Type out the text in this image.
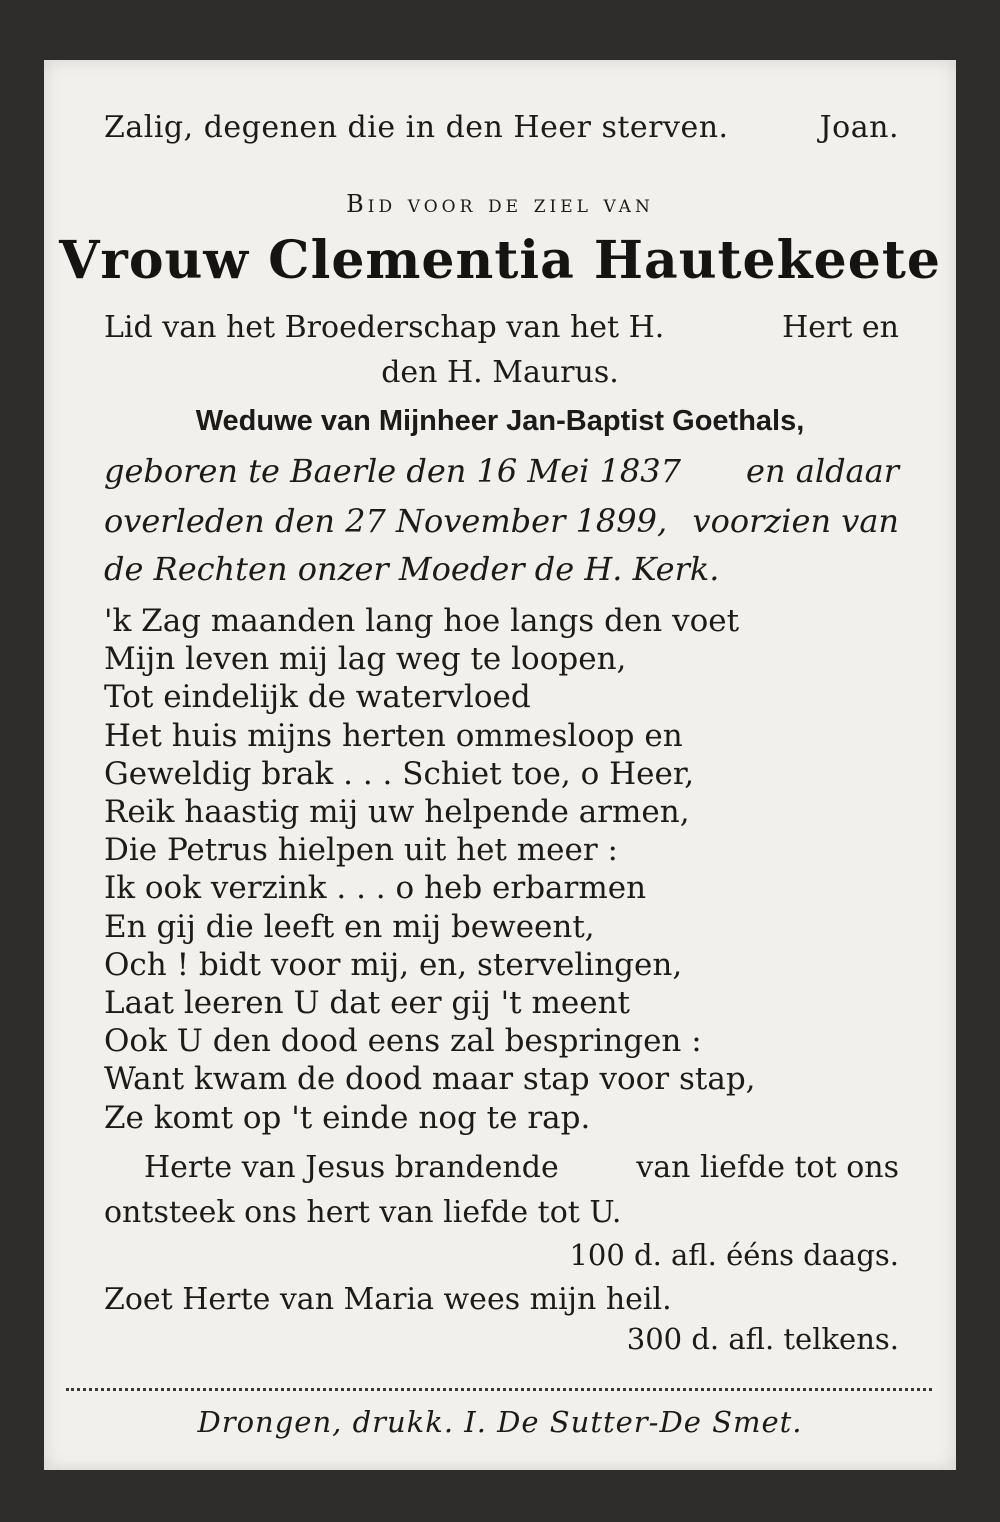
Zalig, degenen die in den Heer sterven.	Joan.
Bid voor de ziel van
Vrouw Clementia Hautekeete
Lid van het Broederschap van het H.	Hert en
den H. Maurus.
Weduwe van Mijnheer Jan-Baptist Goethals,
geboren te Baerle den 16 Mei 1837 en aldaar
overleden den 27 November 1899, voorzien van
de Rechten onzer Moeder de H. Kerk.
'k Zag maanden lang hoe langs den voet
Mijn leven mij lag weg te loopen,
Tot eindelijk de watervloed
Het huis mijns herten ommesloop en
Geweldig brak . . . Schiet toe, o Heer,
Reik haastig mij uw helpende armen,
Die Petrus hielpen uit het meer :
Ik ook verzink . . . o heb erbarmen
En gij die leeft en mij beweent,
Och ! bidt voor mij, en, stervelingen,
Laat leeren U dat eer gij 't meent
Ook U den dood eens zal bespringen :
Want kwam de dood maar stap voor stap,
Ze komt op 't einde nog te rap.
Herte van Jesus brandende	van liefde tot ons
ontsteek ons hert van liefde tot U.
100 d. afl. ééns daags.
Zoet Herte van Maria wees mijn heil.
300 d. afl. telkens.
Drongen, drukk. I. De Sutter-De Smet.
